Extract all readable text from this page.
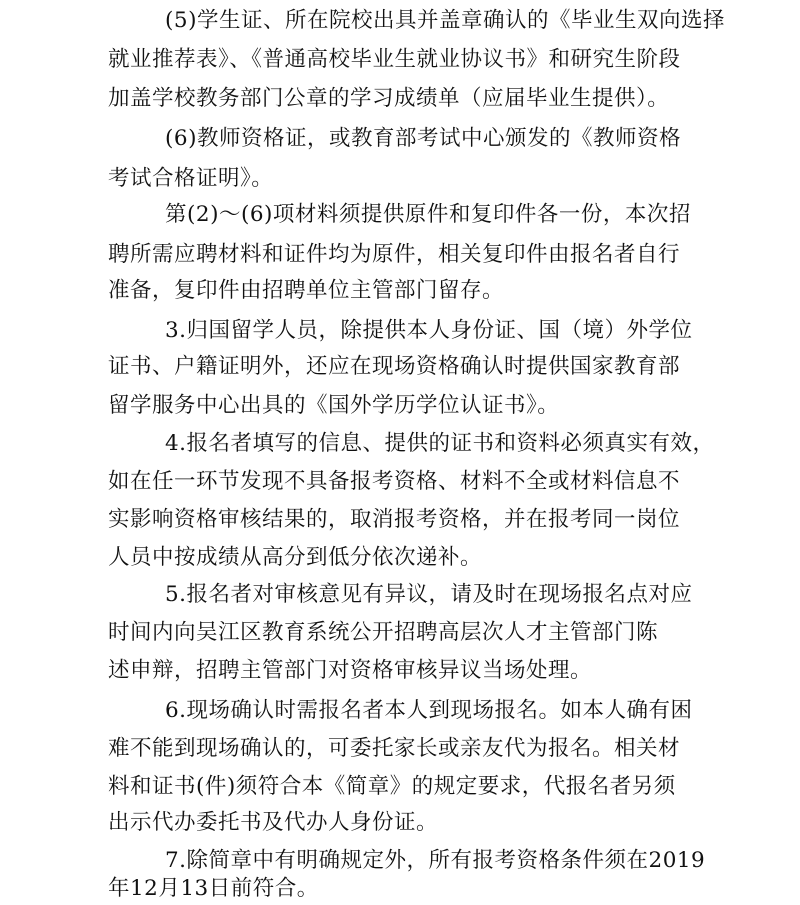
(5)学生证、所在院校出具并盖章确认的《毕业生双向选择
就业推荐表》、《普通高校毕业生就业协议书》和研究生阶段
加盖学校教务部门公章的学习成绩单（应届毕业生提供）。
(6)教师资格证，或教育部考试中心颁发的《教师资格
考试合格证明》。
第(2)～(6)项材料须提供原件和复印件各一份，本次招
聘所需应聘材料和证件均为原件，相关复印件由报名者自行
准备，复印件由招聘单位主管部门留存。
3.归国留学人员，除提供本人身份证、国（境）外学位
证书、户籍证明外，还应在现场资格确认时提供国家教育部
留学服务中心出具的《国外学历学位认证书》。
4.报名者填写的信息、提供的证书和资料必须真实有效，
如在任一环节发现不具备报考资格、材料不全或材料信息不
实影响资格审核结果的，取消报考资格，并在报考同一岗位
人员中按成绩从高分到低分依次递补。
5.报名者对审核意见有异议，请及时在现场报名点对应
时间内向吴江区教育系统公开招聘高层次人才主管部门陈
述申辩，招聘主管部门对资格审核异议当场处理。
6.现场确认时需报名者本人到现场报名。如本人确有困
难不能到现场确认的，可委托家长或亲友代为报名。相关材
料和证书(件)须符合本《简章》的规定要求，代报名者另须
出示代办委托书及代办人身份证。
7.除简章中有明确规定外，所有报考资格条件须在2019
年12月13日前符合。
